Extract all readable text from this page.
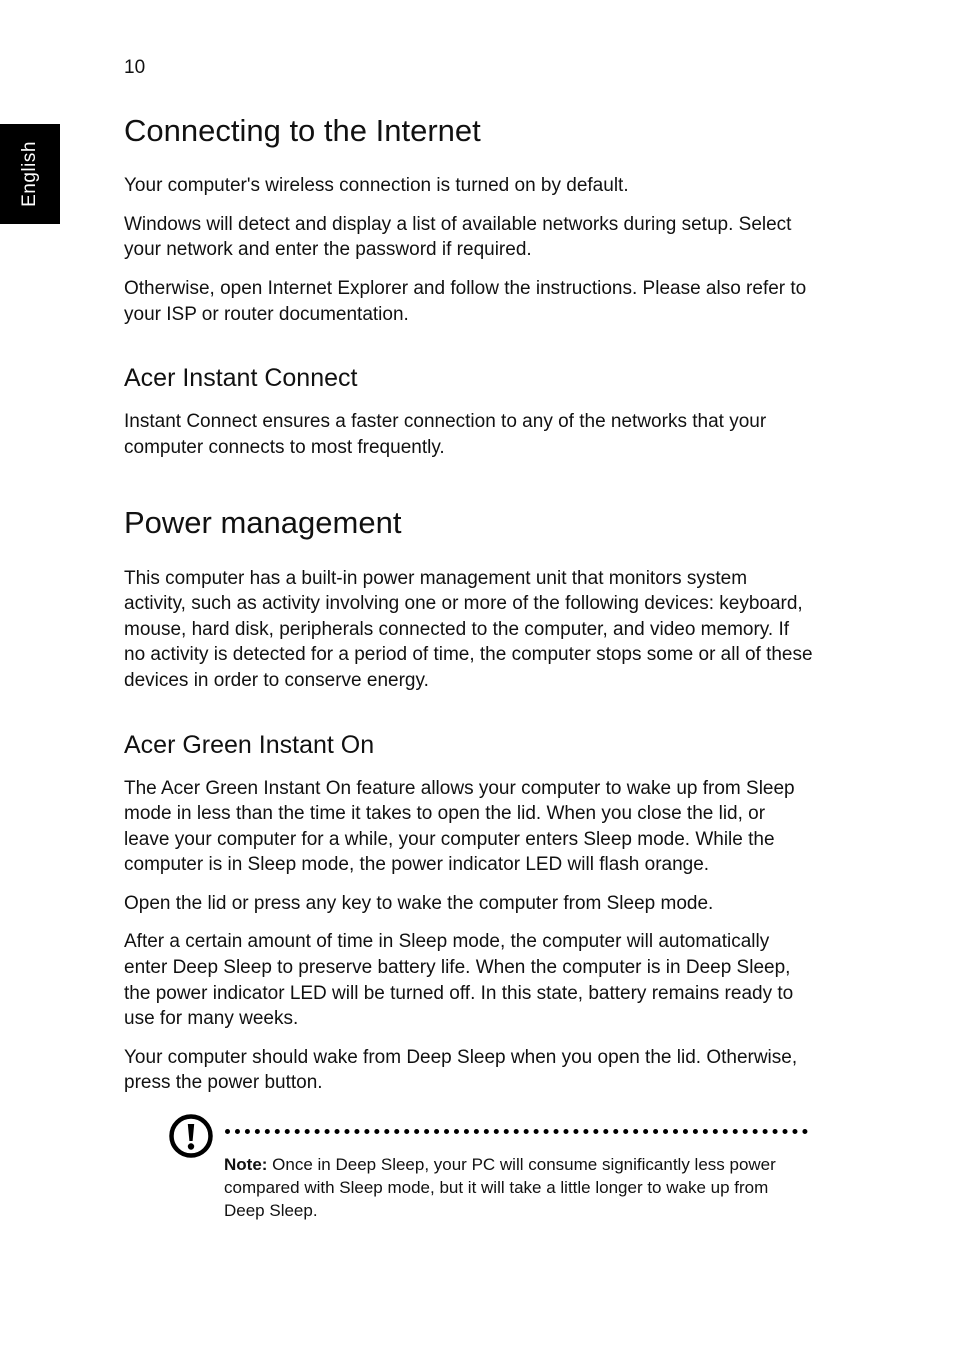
10
English
Connecting to the Internet

Your computer's wireless connection is turned on by default.

Windows will detect and display a list of available networks during setup. Select your network and enter the password if required.

Otherwise, open Internet Explorer and follow the instructions. Please also refer to your ISP or router documentation.

Acer Instant Connect

Instant Connect ensures a faster connection to any of the networks that your computer connects to most frequently.

Power management

This computer has a built-in power management unit that monitors system activity, such as activity involving one or more of the following devices: keyboard, mouse, hard disk, peripherals connected to the computer, and video memory. If no activity is detected for a period of time, the computer stops some or all of these devices in order to conserve energy.

Acer Green Instant On

The Acer Green Instant On feature allows your computer to wake up from Sleep mode in less than the time it takes to open the lid. When you close the lid, or leave your computer for a while, your computer enters Sleep mode. While the computer is in Sleep mode, the power indicator LED will flash orange.

Open the lid or press any key to wake the computer from Sleep mode.

After a certain amount of time in Sleep mode, the computer will automatically enter Deep Sleep to preserve battery life. When the computer is in Deep Sleep, the power indicator LED will be turned off. In this state, battery remains ready to use for many weeks.

Your computer should wake from Deep Sleep when you open the lid. Otherwise, press the power button.

Note: Once in Deep Sleep, your PC will consume significantly less power compared with Sleep mode, but it will take a little longer to wake up from Deep Sleep.
